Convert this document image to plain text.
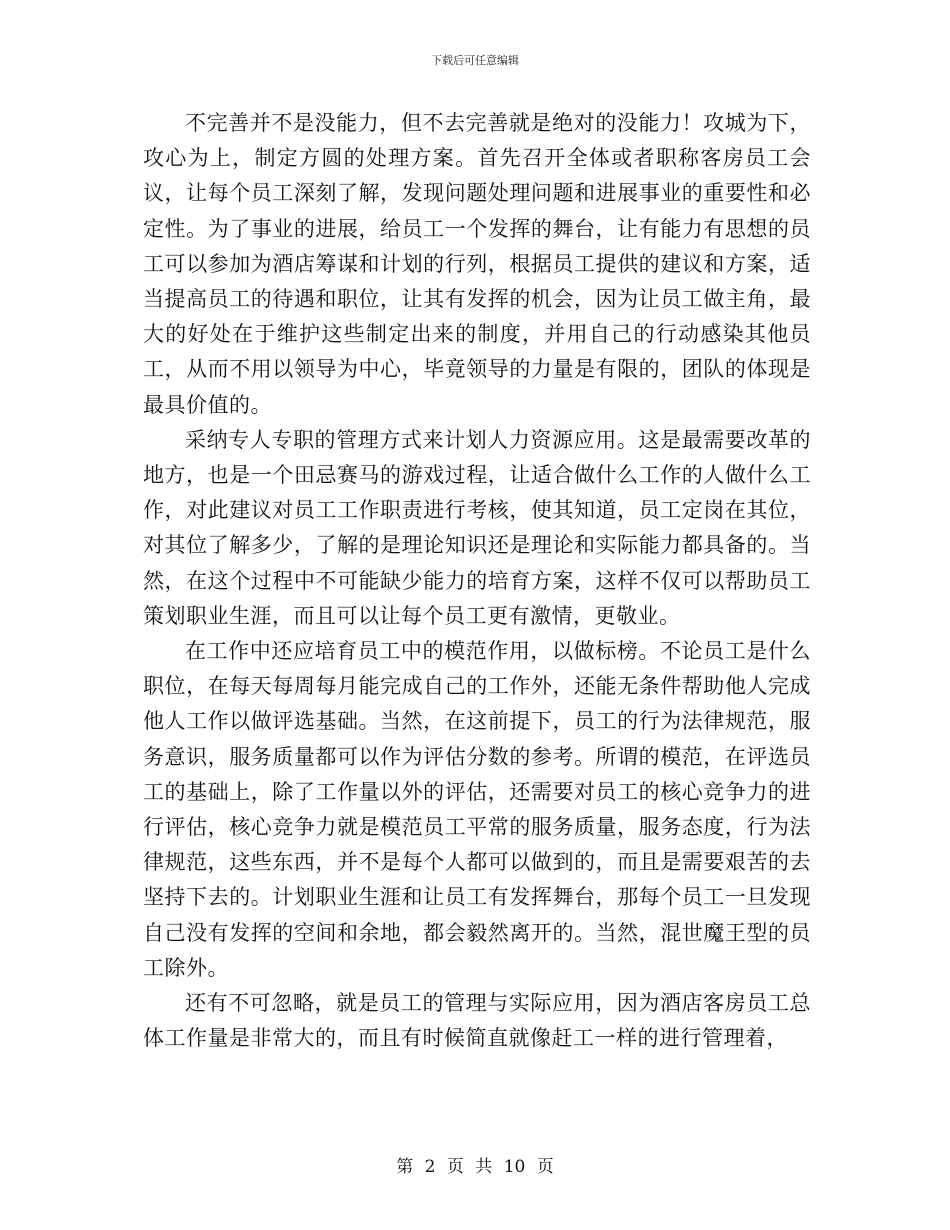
下载后可任意编辑

不完善并不是没能力，但不去完善就是绝对的没能力！攻城为下，攻心为上，制定方圆的处理方案。首先召开全体或者职称客房员工会议，让每个员工深刻了解，发现问题处理问题和进展事业的重要性和必定性。为了事业的进展，给员工一个发挥的舞台，让有能力有思想的员工可以参加为酒店筹谋和计划的行列，根据员工提供的建议和方案，适当提高员工的待遇和职位，让其有发挥的机会，因为让员工做主角，最大的好处在于维护这些制定出来的制度，并用自己的行动感染其他员工，从而不用以领导为中心，毕竟领导的力量是有限的，团队的体现是最具价值的。

采纳专人专职的管理方式来计划人力资源应用。这是最需要改革的地方，也是一个田忌赛马的游戏过程，让适合做什么工作的人做什么工作，对此建议对员工工作职责进行考核，使其知道，员工定岗在其位，对其位了解多少，了解的是理论知识还是理论和实际能力都具备的。当然，在这个过程中不可能缺少能力的培育方案，这样不仅可以帮助员工策划职业生涯，而且可以让每个员工更有激情，更敬业。

在工作中还应培育员工中的模范作用，以做标榜。不论员工是什么职位，在每天每周每月能完成自己的工作外，还能无条件帮助他人完成他人工作以做评选基础。当然，在这前提下，员工的行为法律规范，服务意识，服务质量都可以作为评估分数的参考。所谓的模范，在评选员工的基础上，除了工作量以外的评估，还需要对员工的核心竞争力的进行评估，核心竞争力就是模范员工平常的服务质量，服务态度，行为法律规范，这些东西，并不是每个人都可以做到的，而且是需要艰苦的去坚持下去的。计划职业生涯和让员工有发挥舞台，那每个员工一旦发现自己没有发挥的空间和余地，都会毅然离开的。当然，混世魔王型的员工除外。

还有不可忽略，就是员工的管理与实际应用，因为酒店客房员工总体工作量是非常大的，而且有时候简直就像赶工一样的进行管理着，

第 2 页 共 10 页
